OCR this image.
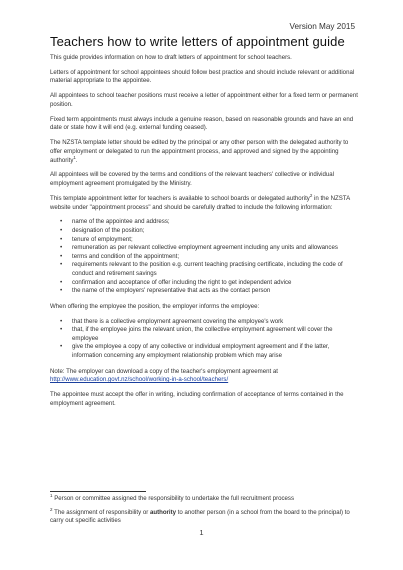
Version May 2015
Teachers how to write letters of appointment guide

This guide provides information on how to draft letters of appointment for school teachers.

Letters of appointment for school appointees should follow best practice and should include relevant or additional material appropriate to the appointee.

All appointees to school teacher positions must receive a letter of appointment either for a fixed term or permanent position.

Fixed term appointments must always include a genuine reason, based on reasonable grounds and have an end date or state how it will end (e.g. external funding ceased).

The NZSTA template letter should be edited by the principal or any other person with the delegated authority to offer employment or delegated to run the appointment process, and approved and signed by the appointing authority$^1$.

All appointees will be covered by the terms and conditions of the relevant teachers' collective or individual employment agreement promulgated by the Ministry.

This template appointment letter for teachers is available to school boards or delegated authority$^2$ in the NZSTA website under "appointment process" and should be carefully drafted to include the following information:

• name of the appointee and address;
• designation of the position;
• tenure of employment;
• remuneration as per relevant collective employment agreement including any units and allowances
• terms and condition of the appointment;
• requirements relevant to the position e.g. current teaching practising certificate, including the code of conduct and retirement savings
• confirmation and acceptance of offer including the right to get independent advice
• the name of the employers' representative that acts as the contact person

When offering the employee the position, the employer informs the employee:

• that there is a collective employment agreement covering the employee's work
• that, if the employee joins the relevant union, the collective employment agreement will cover the employee
• give the employee a copy of any collective or individual employment agreement and if the latter, information concerning any employment relationship problem which may arise

Note: The employer can download a copy of the teacher's employment agreement at
http://www.education.govt.nz/school/working-in-a-school/teachers/

The appointee must accept the offer in writing, including confirmation of acceptance of terms contained in the employment agreement.

$^1$ Person or committee assigned the responsibility to undertake the full recruitment process

$^2$ The assignment of responsibility or authority to another person (in a school from the board to the principal) to carry out specific activities

1
